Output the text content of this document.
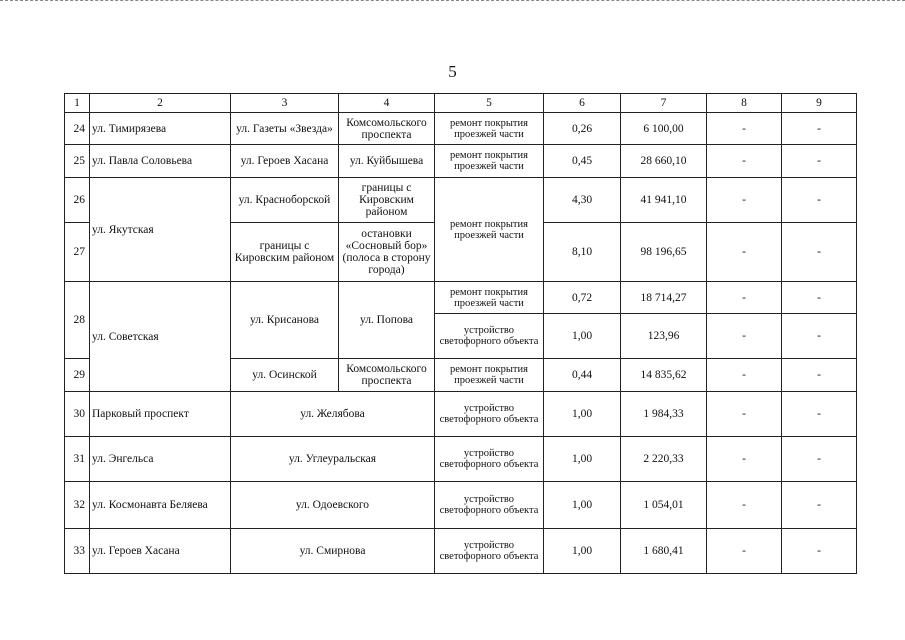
5
1	2	3	4	5	6	7	8	9
24	ул. Тимирязева	ул. Газеты «Звезда»	Комсомольского проспекта	ремонт покрытия проезжей части	0,26	6 100,00	-	-
25	ул. Павла Соловьева	ул. Героев Хасана	ул. Куйбышева	ремонт покрытия проезжей части	0,45	28 660,10	-	-
26	ул. Якутская	ул. Красноборской	границы с Кировским районом	ремонт покрытия проезжей части	4,30	41 941,10	-	-
27		границы с Кировским районом	остановки «Сосновый бор» (полоса в сторону города)		8,10	98 196,65	-	-
28	ул. Советская	ул. Крисанова	ул. Попова	ремонт покрытия проезжей части	0,72	18 714,27	-	-
				устройство светофорного объекта	1,00	123,96	-	-
29		ул. Осинской	Комсомольского проспекта	ремонт покрытия проезжей части	0,44	14 835,62	-	-
30	Парковый проспект	ул. Желябова		устройство светофорного объекта	1,00	1 984,33	-	-
31	ул. Энгельса	ул. Углеуральская		устройство светофорного объекта	1,00	2 220,33	-	-
32	ул. Космонавта Беляева	ул. Одоевского		устройство светофорного объекта	1,00	1 054,01	-	-
33	ул. Героев Хасана	ул. Смирнова		устройство светофорного объекта	1,00	1 680,41	-	-
